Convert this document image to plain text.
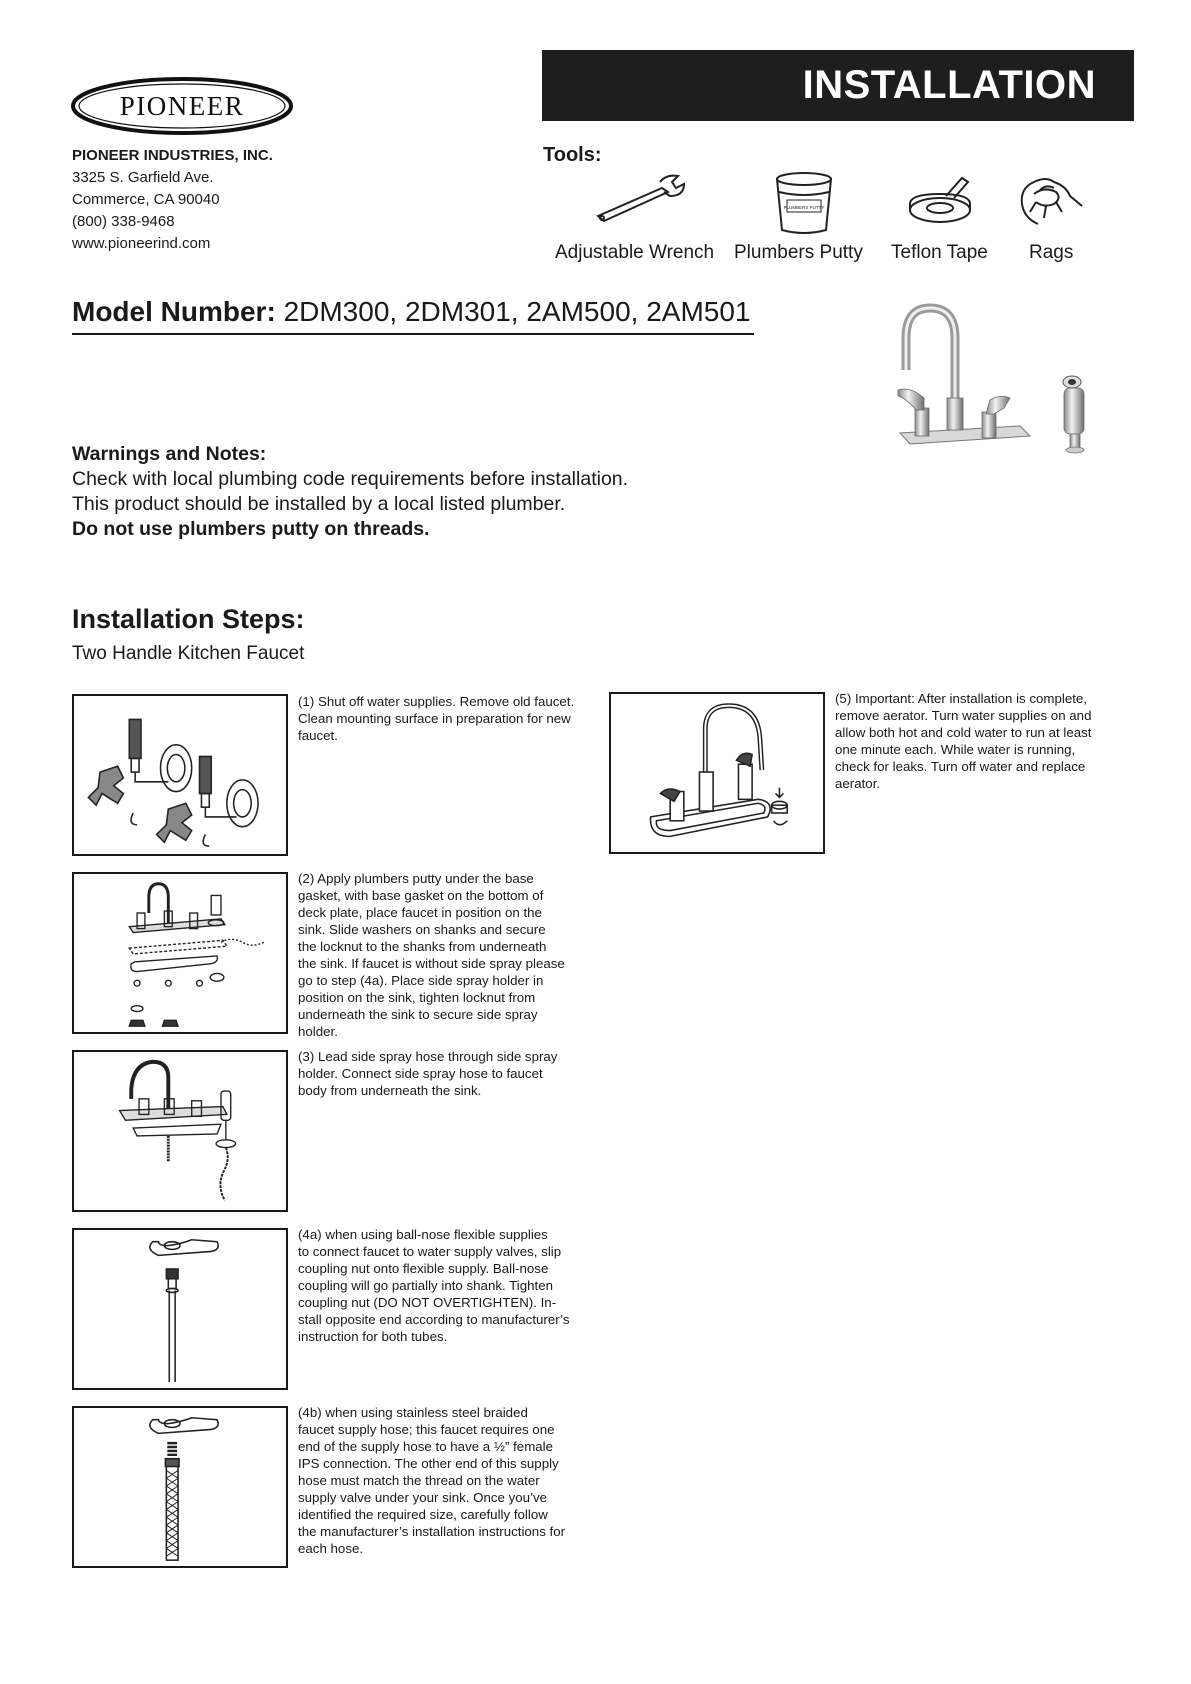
PIONEER
PIONEER INDUSTRIES, INC.
3325 S. Garfield Ave.
Commerce, CA 90040
(800) 338-9468
www.pioneerind.com
INSTALLATION
Tools:
PLUMBERS PUTTY
Adjustable Wrench Plumbers Putty Teflon Tape Rags
Model Number: 2DM300, 2DM301, 2AM500, 2AM501
Warnings and Notes:
Check with local plumbing code requirements before installation.
This product should be installed by a local listed plumber.
Do not use plumbers putty on threads.
Installation Steps:
Two Handle Kitchen Faucet
(1) Shut off water supplies. Remove old faucet.
Clean mounting surface in preparation for new
faucet.
(2) Apply plumbers putty under the base
gasket, with base gasket on the bottom of
deck plate, place faucet in position on the
sink. Slide washers on shanks and secure
the locknut to the shanks from underneath
the sink. If faucet is without side spray please
go to step (4a). Place side spray holder in
position on the sink, tighten locknut from
underneath the sink to secure side spray
holder.
(3) Lead side spray hose through side spray
holder. Connect side spray hose to faucet
body from underneath the sink.
(4a) when using ball-nose flexible supplies
to connect faucet to water supply valves, slip
coupling nut onto flexible supply. Ball-nose
coupling will go partially into shank. Tighten
coupling nut (DO NOT OVERTIGHTEN). In-
stall opposite end according to manufacturer’s
instruction for both tubes.
(4b) when using stainless steel braided
faucet supply hose; this faucet requires one
end of the supply hose to have a ½” female
IPS connection. The other end of this supply
hose must match the thread on the water
supply valve under your sink. Once you’ve
identified the required size, carefully follow
the manufacturer’s installation instructions for
each hose.
(5) Important: After installation is complete,
remove aerator. Turn water supplies on and
allow both hot and cold water to run at least
one minute each. While water is running,
check for leaks. Turn off water and replace
aerator.
